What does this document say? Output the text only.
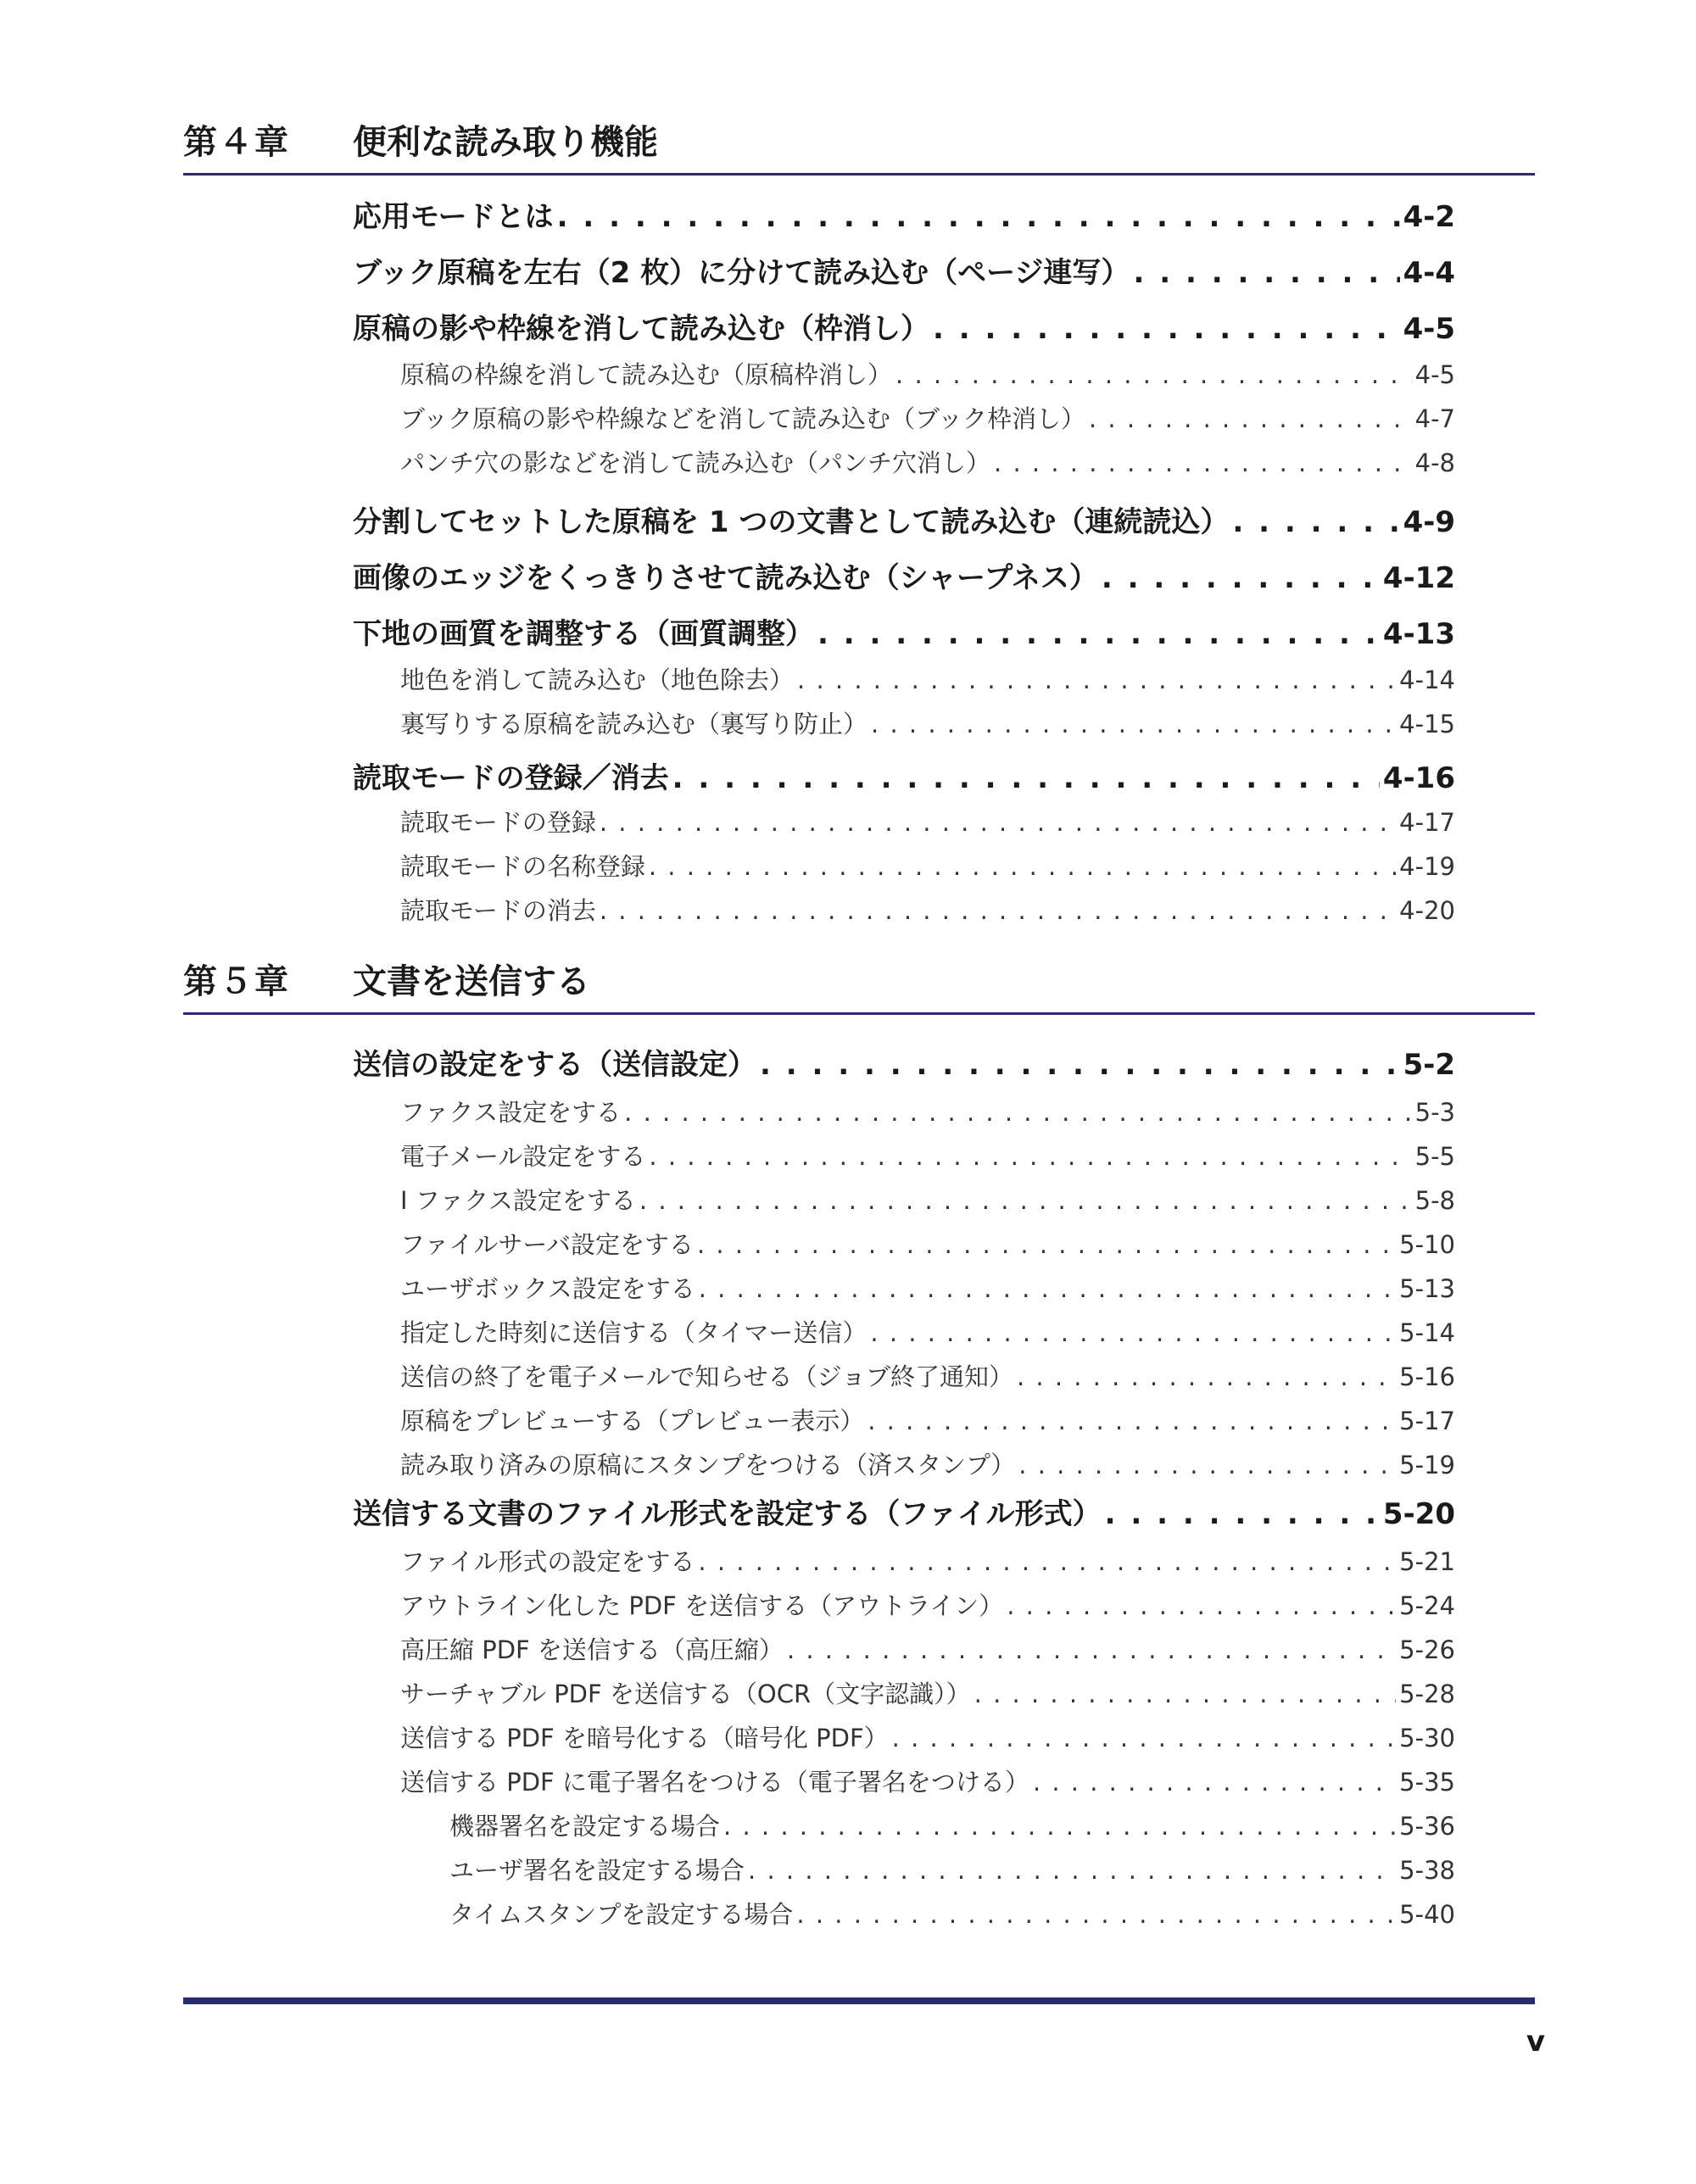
第４章 便利な読み取り機能
応用モードとは . . .	4-2
ブック原稿を左右（2 枚）に分けて読み込む（ページ連写） . . .	4-4
原稿の影や枠線を消して読み込む（枠消し） . . .	4-5
原稿の枠線を消して読み込む（原稿枠消し） . . .	4-5
ブック原稿の影や枠線などを消して読み込む（ブック枠消し） . . .	4-7
パンチ穴の影などを消して読み込む（パンチ穴消し） . . .	4-8
分割してセットした原稿を 1 つの文書として読み込む（連続読込） . . .	4-9
画像のエッジをくっきりさせて読み込む（シャープネス） . . .	4-12
下地の画質を調整する（画質調整） . . .	4-13
地色を消して読み込む（地色除去） . . .	4-14
裏写りする原稿を読み込む（裏写り防止） . . .	4-15
読取モードの登録／消去 . . .	4-16
読取モードの登録 . . .	4-17
読取モードの名称登録 . . .	4-19
読取モードの消去 . . .	4-20
第５章 文書を送信する
送信の設定をする（送信設定） . . .	5-2
ファクス設定をする . . .	5-3
電子メール設定をする . . .	5-5
I ファクス設定をする . . .	5-8
ファイルサーバ設定をする . . .	5-10
ユーザボックス設定をする . . .	5-13
指定した時刻に送信する（タイマー送信） . . .	5-14
送信の終了を電子メールで知らせる（ジョブ終了通知） . . .	5-16
原稿をプレビューする（プレビュー表示） . . .	5-17
読み取り済みの原稿にスタンプをつける（済スタンプ） . . .	5-19
送信する文書のファイル形式を設定する（ファイル形式） . . .	5-20
ファイル形式の設定をする . . .	5-21
アウトライン化した PDF を送信する（アウトライン） . . .	5-24
高圧縮 PDF を送信する（高圧縮） . . .	5-26
サーチャブル PDF を送信する（OCR（文字認識）） . . .	5-28
送信する PDF を暗号化する（暗号化 PDF） . . .	5-30
送信する PDF に電子署名をつける（電子署名をつける） . . .	5-35
機器署名を設定する場合 . . .	5-36
ユーザ署名を設定する場合 . . .	5-38
タイムスタンプを設定する場合 . . .	5-40
v
